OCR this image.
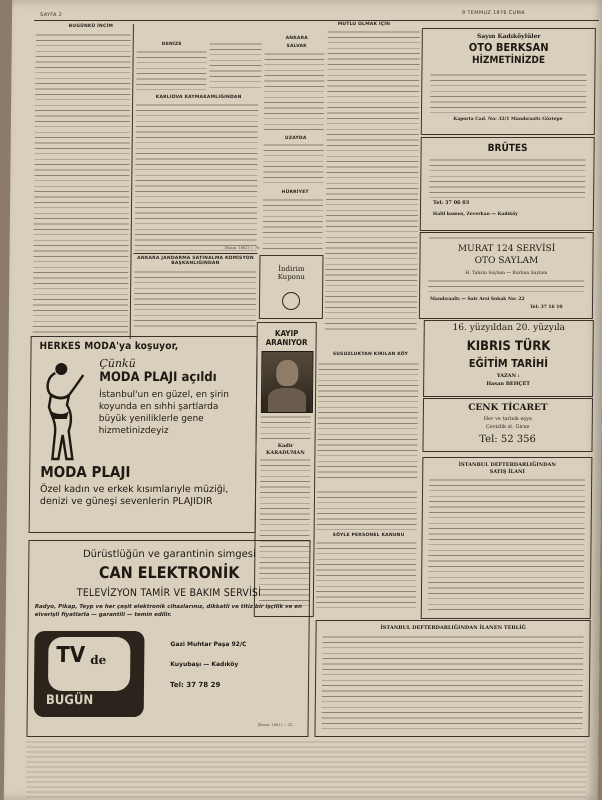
SAYFA 2	9 TEMMUZ 1976 CUMA
BUGÜNKÜ İNCİM
DENİZE
ANKARA
SALVAK
UZAYDA
HÜRRİYET
İndirim
Kuponu
MUTLU OLMAK İÇİN
KARLIOVA KAYMAKAMLIĞINDAN
(Basın: 1662) — 70
ANKARA JANDARMA SATINALMA KOMİSYON BAŞKANLIĞINDAN
KAYIP ARANIYOR
Kadir
KARADUMAN
HERKES MODA'ya koşuyor,
Çünkü
MODA PLAJI açıldı
İstanbul'un en güzel, en şirin koyunda en sıhhi şartlarda büyük yeniliklerle gene hizmetinizdeyiz
MODA PLAJI
Özel kadın ve erkek kısımlarıyle müziği, denizi ve güneşi sevenlerin PLAJIDIR
Dürüstlüğün ve garantinin simgesi
CAN ELEKTRONİK
TELEVİZYON TAMİR VE BAKIM SERVİSİ
Radyo, Pikap, Teyp ve her çeşit elektronik cihazlarınız, dikkatli ve titiz bir işçilik ve en elverişli fiyatlarla — garantili — temin edilir.
TV de
BUGÜN
Gazi Muhtar Paşa 92/C
Kuyubaşı — Kadıköy
Tel: 37 78 29
(Basın: 1661) — 22
SUSUZLUKTAN KIRILAN KÖY
SÖYLE PERSONEL KANUNU
Sayın Kadıköylüler
OTO BERKSAN
HİZMETİNİZDE
Kaporta Cad. No: 32/1 Mandıraaltı Göztepe
BRÜTES
Tel: 37 06 03
Halil bamus, Zeverkan — Kadıköy
MURAT 124 SERVİSİ
OTO SAYLAM
H. Tahsin Saylam — Burhan Saylam
Mandıraaltı — Sair Arsi Sokak No: 22
Tel: 37 16 10
16. yüzyıldan 20. yüzyıla
KIBRIS TÜRK
EĞİTİM TARİHİ
YAZAN :
Hasan BEHÇET
CENK TİCARET
Her ve tarixik eşya
Cevizlik st. Girne
Tel: 52 356
İSTANBUL DEFTERDARLIĞINDAN
SATIŞ İLANI
İSTANBUL DEFTERDARLIĞINDAN İLANEN TEBLİĞ
